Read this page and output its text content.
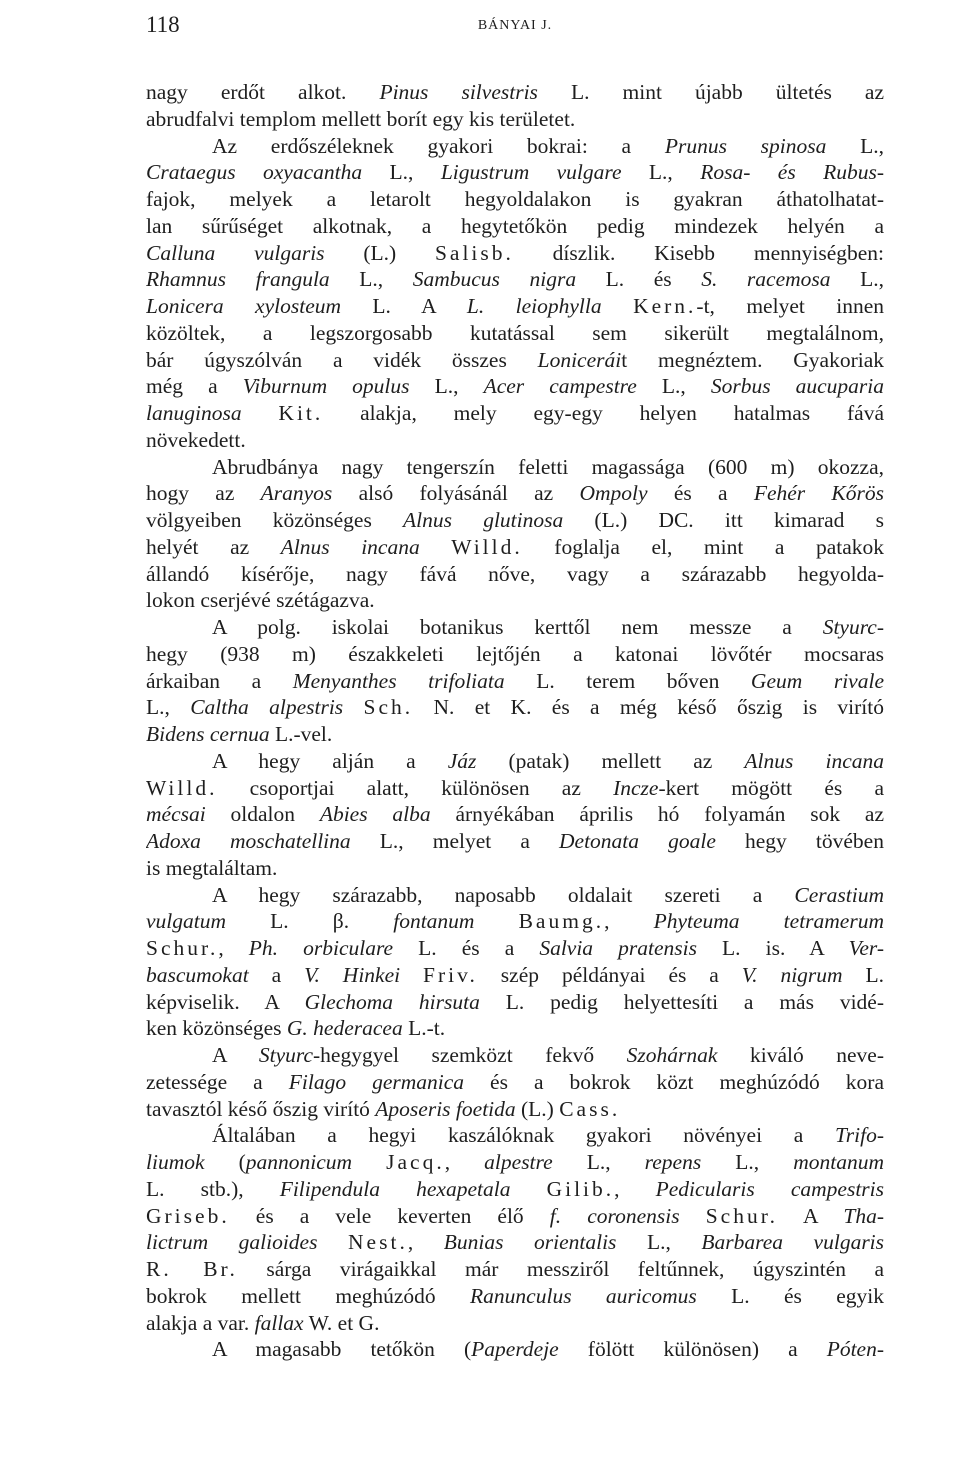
118	BÁNYAI J.
nagy erdőt alkot. Pinus silvestris L. mint újabb ültetés az
abrudfalvi templom mellett borít egy kis területet.
Az erdőszéleknek gyakori bokrai: a Prunus spinosa L.,
Crataegus oxyacantha L., Ligustrum vulgare L., Rosa- és Rubus-
fajok, melyek a letarolt hegyoldalakon is gyakran áthatolhatat-
lan sűrűséget alkotnak, a hegytetőkön pedig mindezek helyén a
Calluna vulgaris (L.) Salisb. díszlik. Kisebb mennyiségben:
Rhamnus frangula L., Sambucus nigra L. és S. racemosa L.,
Lonicera xylosteum L. A L. leiophylla Kern.-t, melyet innen
közöltek, a legszorgosabb kutatással sem sikerült megtalálnom,
bár úgyszólván a vidék összes Loniceráit megnéztem. Gyakoriak
még a Viburnum opulus L., Acer campestre L., Sorbus aucuparia
lanuginosa Kit. alakja, mely egy-egy helyen hatalmas fává
növekedett.
Abrudbánya nagy tengerszín feletti magassága (600 m) okozza,
hogy az Aranyos alsó folyásánál az Ompoly és a Fehér Kőrös
völgyeiben közönséges Alnus glutinosa (L.) DC. itt kimarad s
helyét az Alnus incana Willd. foglalja el, mint a patakok
állandó kísérője, nagy fává nőve, vagy a szárazabb hegyolda-
lokon cserjévé szétágazva.
A polg. iskolai botanikus kerttől nem messze a Styurc-
hegy (938 m) északkeleti lejtőjén a katonai lövőtér mocsaras
árkaiban a Menyanthes trifoliata L. terem bőven Geum rivale
L., Caltha alpestris Sch. N. et K. és a még késő őszig is virító
Bidens cernua L.-vel.
A hegy alján a Jáz (patak) mellett az Alnus incana
Willd. csoportjai alatt, különösen az Incze-kert mögött és a
mécsai oldalon Abies alba árnyékában április hó folyamán sok az
Adoxa moschatellina L., melyet a Detonata goale hegy tövében
is megtaláltam.
A hegy szárazabb, naposabb oldalait szereti a Cerastium
vulgatum L. β. fontanum Baumg., Phyteuma tetramerum
Schur., Ph. orbiculare L. és a Salvia pratensis L. is. A Ver-
bascumokat a V. Hinkei Friv. szép példányai és a V. nigrum L.
képviselik. A Glechoma hirsuta L. pedig helyettesíti a más vidé-
ken közönséges G. hederacea L.-t.
A Styurc-hegygyel szemközt fekvő Szohárnak kiváló neve-
zetessége a Filago germanica és a bokrok közt meghúzódó kora
tavasztól késő őszig virító Aposeris foetida (L.) Cass.
Általában a hegyi kaszálóknak gyakori növényei a Trifo-
liumok (pannonicum Jacq., alpestre L., repens L., montanum
L. stb.), Filipendula hexapetala Gilib., Pedicularis campestris
Griseb. és a vele keverten élő f. coronensis Schur. A Tha-
lictrum galioides Nest., Bunias orientalis L., Barbarea vulgaris
R. Br. sárga virágaikkal már messziről feltűnnek, úgyszintén a
bokrok mellett meghúzódó Ranunculus auricomus L. és egyik
alakja a var. fallax W. et G.
A magasabb tetőkön (Paperdeje fölött különösen) a Póten-
